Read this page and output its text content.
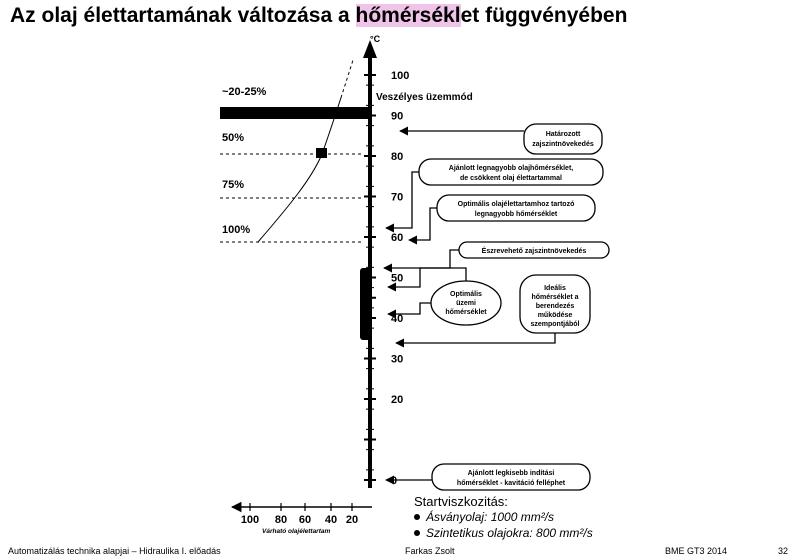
Az olaj élettartamának változása a hőmérséklet függvényében
°C
Veszélyes üzemmód
0
20
30
40
50
60
70
80
90
100
100 80 60 40 20
Várható olajélettartam
~20-25%
50%
75%
100%
Határozott
zajszintnövekedés
Ajánlott legnagyobb olajhőmérséklet,
de csökkent olaj élettartammal
Optimális olajélettartamhoz tartozó
legnagyobb hőmérséklet
Észrevehető zajszintnövekedés
Optimális
üzemi
hőmérséklet
Ideális
hőmérséklet a
berendezés
működése
szempontjából
Ajánlott legkisebb indítási
hőmérséklet - kavitáció felléphet
Startviszkozitás:
Ásványolaj: 1000 mm²/s
Szintetikus olajokra: 800 mm²/s
Automatizálás technika alapjai – Hidraulika I. előadás	Farkas Zsolt	BME GT3 2014	32
